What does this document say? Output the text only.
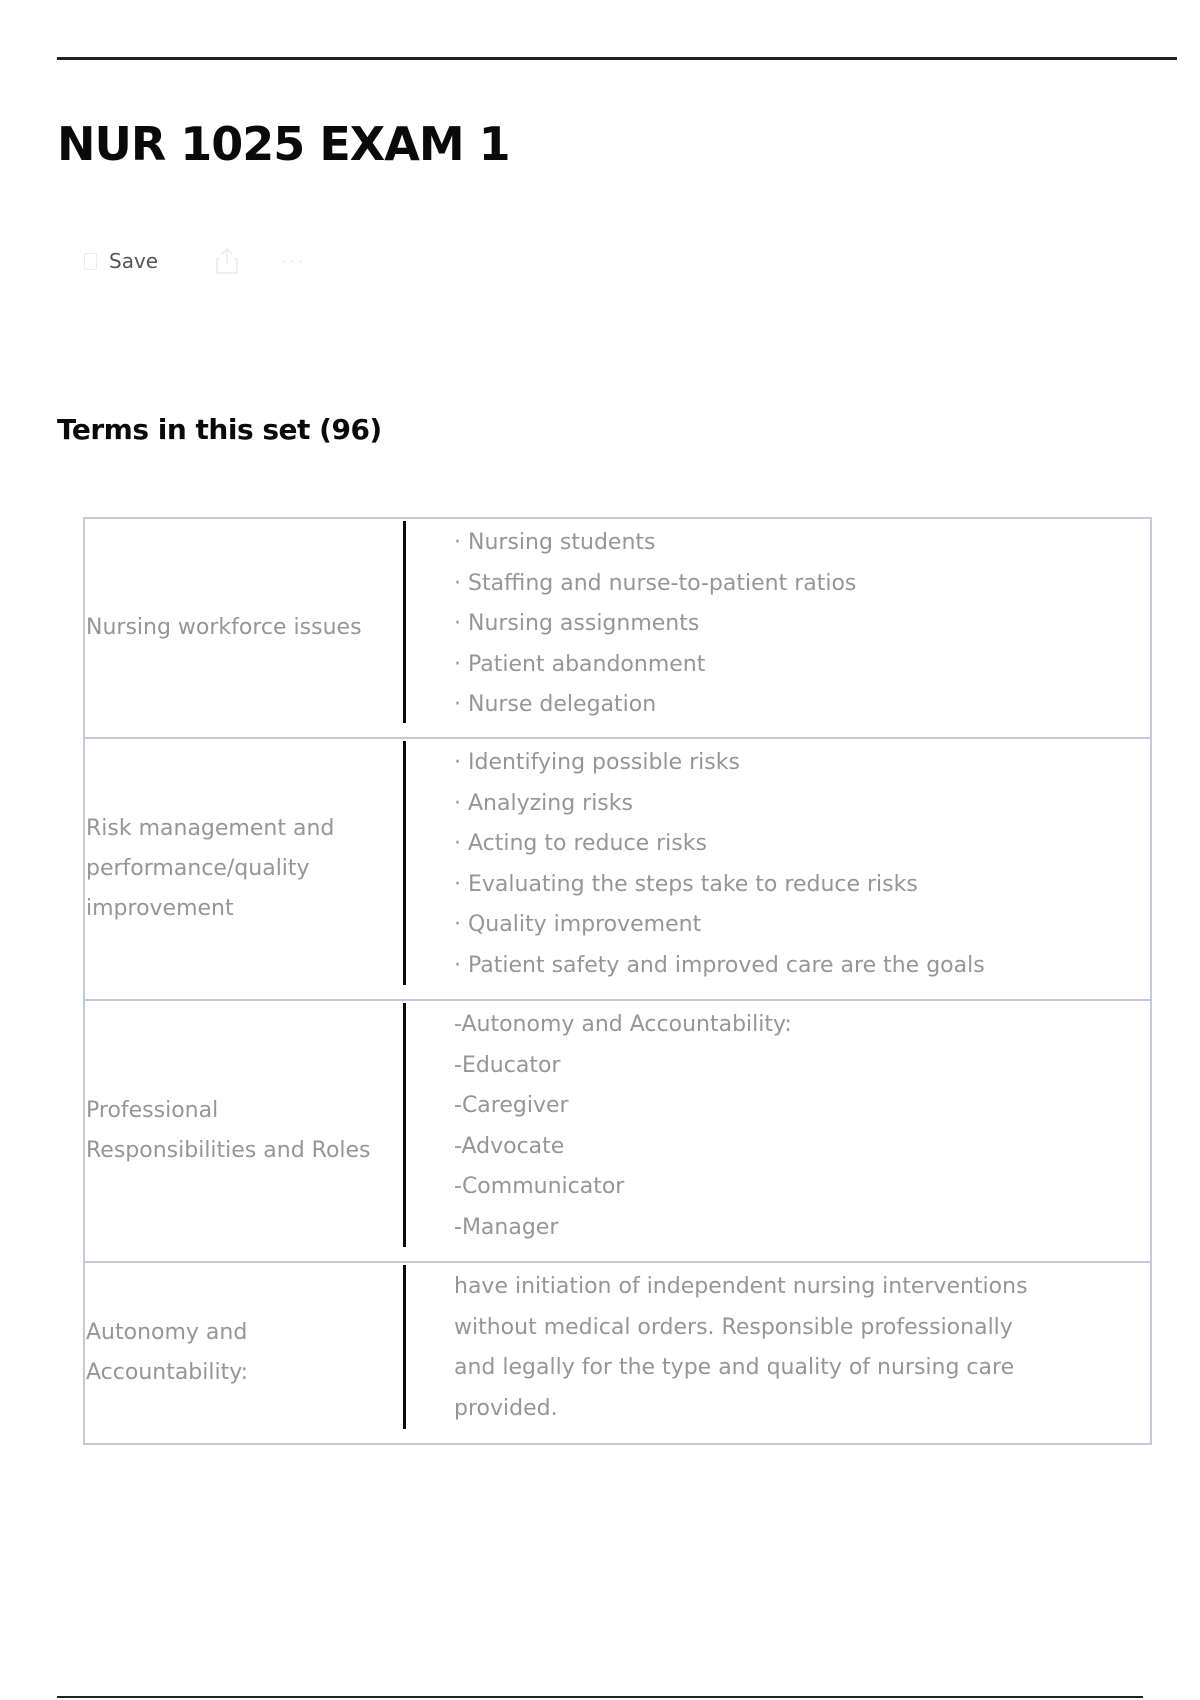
NUR 1025 EXAM 1
Save	···
Terms in this set (96)
Nursing workforce issues
· Nursing students
· Staffing and nurse-to-patient ratios
· Nursing assignments
· Patient abandonment
· Nurse delegation
Risk management and performance/quality improvement
· Identifying possible risks
· Analyzing risks
· Acting to reduce risks
· Evaluating the steps take to reduce risks
· Quality improvement
· Patient safety and improved care are the goals
Professional Responsibilities and Roles
-Autonomy and Accountability:
-Educator
-Caregiver
-Advocate
-Communicator
-Manager
Autonomy and Accountability:
have initiation of independent nursing interventions without medical orders. Responsible professionally and legally for the type and quality of nursing care provided.
